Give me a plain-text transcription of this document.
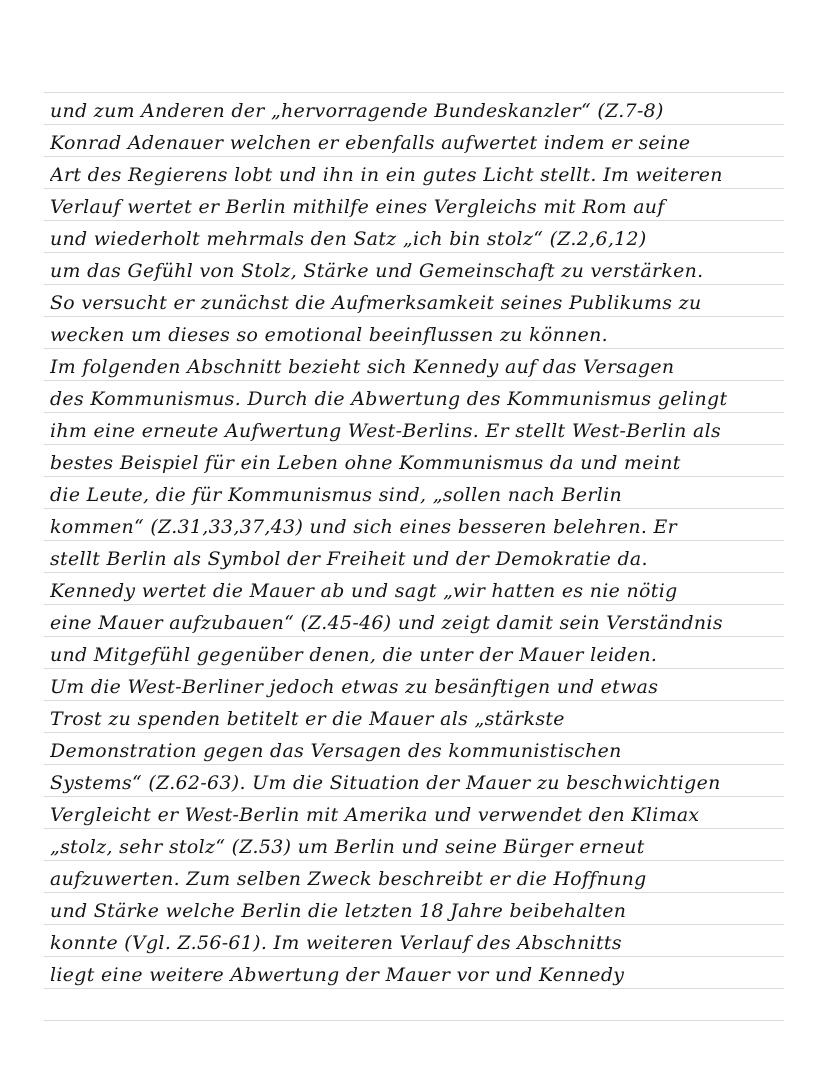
und zum Anderen der „hervorragende Bundeskanzler“ (Z.7-8)
Konrad Adenauer welchen er ebenfalls aufwertet indem er seine
Art des Regierens lobt und ihn in ein gutes Licht stellt. Im weiteren
Verlauf wertet er Berlin mithilfe eines Vergleichs mit Rom auf
und wiederholt mehrmals den Satz „ich bin stolz“ (Z.2,6,12)
um das Gefühl von Stolz, Stärke und Gemeinschaft zu verstärken.
So versucht er zunächst die Aufmerksamkeit seines Publikums zu
wecken um dieses so emotional beeinflussen zu können.
Im folgenden Abschnitt bezieht sich Kennedy auf das Versagen
des Kommunismus. Durch die Abwertung des Kommunismus gelingt
ihm eine erneute Aufwertung West-Berlins. Er stellt West-Berlin als
bestes Beispiel für ein Leben ohne Kommunismus da und meint
die Leute, die für Kommunismus sind, „sollen nach Berlin
kommen“ (Z.31,33,37,43) und sich eines besseren belehren. Er
stellt Berlin als Symbol der Freiheit und der Demokratie da.
Kennedy wertet die Mauer ab und sagt „wir hatten es nie nötig
eine Mauer aufzubauen“ (Z.45-46) und zeigt damit sein Verständnis
und Mitgefühl gegenüber denen, die unter der Mauer leiden.
Um die West-Berliner jedoch etwas zu besänftigen und etwas
Trost zu spenden betitelt er die Mauer als „stärkste
Demonstration gegen das Versagen des kommunistischen
Systems“ (Z.62-63). Um die Situation der Mauer zu beschwichtigen
Vergleicht er West-Berlin mit Amerika und verwendet den Klimax
„stolz, sehr stolz“ (Z.53) um Berlin und seine Bürger erneut
aufzuwerten. Zum selben Zweck beschreibt er die Hoffnung
und Stärke welche Berlin die letzten 18 Jahre beibehalten
konnte (Vgl. Z.56-61). Im weiteren Verlauf des Abschnitts
liegt eine weitere Abwertung der Mauer vor und Kennedy
